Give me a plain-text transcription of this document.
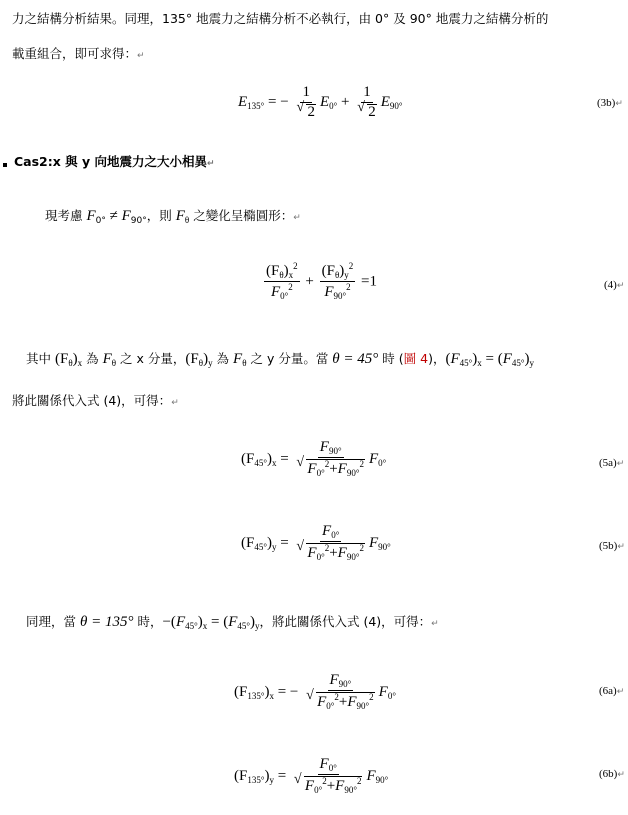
力之結構分析結果。同理，135° 地震力之結構分析不必執行，由 0° 及 90° 地震力之結構分析的
載重組合，即可求得：↵
$E_{135^\circ}$ = − 1
√ 2 $E_{0^\circ} + 1$
√ 2 $E_{90^\circ}$	(3b)↵
Cas2:x 與 y 向地震力之大小相異↵
現考慮 $F_{0^\circ} \ne F_{90^\circ}$，則 $F_\theta$ 之變化呈橢圓形：↵
$\frac{(F_\theta)_x^2}{F_{0^\circ}^2} + \frac{(F_\theta)_y^2}{F_{90^\circ}^2} =1$	(4)↵
其中 $(F_\theta)_x$ 為 $F_\theta$ 之 x 分量，$(F_\theta)_y$ 為 $F_\theta$ 之 y 分量。當 θ = 45° 時 (圖 4)，$(F_{45^\circ})_x = (F_{45^\circ})_y$
將此關係代入式 (4)，可得：↵
$(F_{45^\circ})_x = F_{90^\circ}$
√ $F_{0^\circ}^2+F_{90^\circ}^2$ $F_{0^\circ}$	(5a)↵
$(F_{45^\circ})_y = F_{0^\circ}$
√ $F_{0^\circ}^2+F_{90^\circ}^2$ $F_{90^\circ}$	(5b)↵
同理，當 θ = 135° 時，$-(F_{45^\circ})_x = (F_{45^\circ})_y$，將此關係代入式 (4)，可得：↵
$(F_{135^\circ})_x$ = − $F_{90^\circ}$
√ $F_{0^\circ}^2+F_{90^\circ}^2$ $F_{0^\circ}$	(6a)↵
$(F_{135^\circ})_y = F_{0^\circ}$
√ $F_{0^\circ}^2+F_{90^\circ}^2$ $F_{90^\circ}$	(6b)↵
